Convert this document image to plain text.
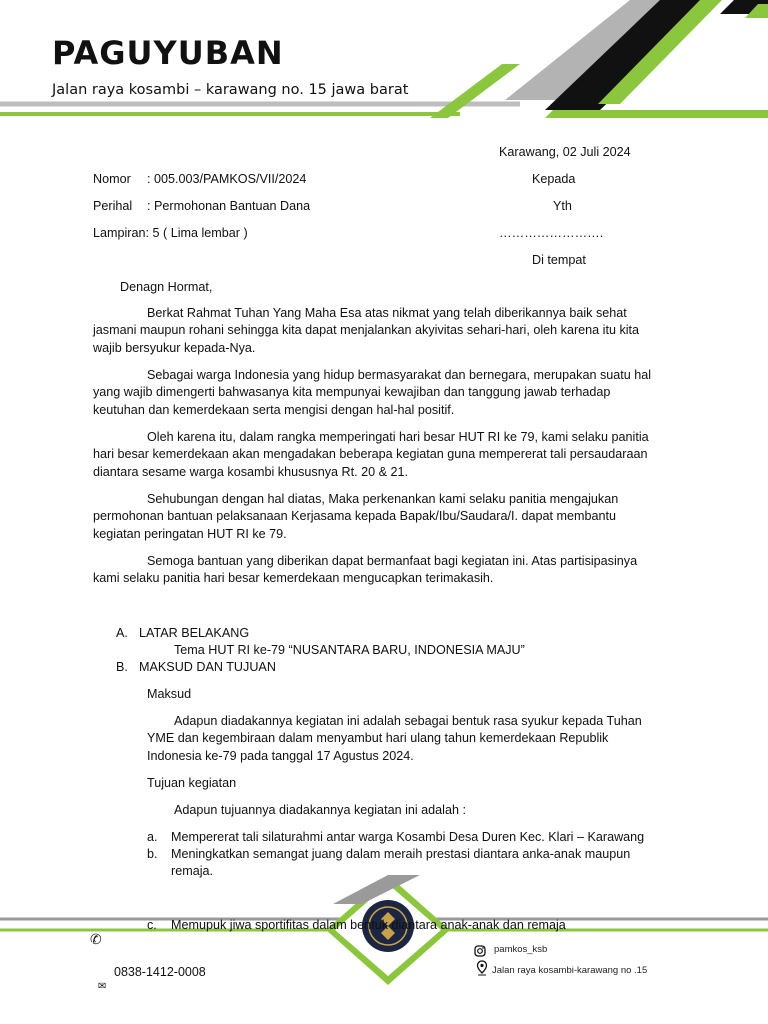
PAGUYUBAN
Jalan raya kosambi – karawang no. 15 jawa barat
Karawang, 02 Juli 2024
Nomor : 005.003/PAMKOS/VII/2024
Perihal : Permohonan Bantuan Dana
Lampiran: 5 ( Lima lembar )
Kepada
Yth
…………………….
Di tempat
Denagn Hormat,

Berkat Rahmat Tuhan Yang Maha Esa atas nikmat yang telah diberikannya baik sehat jasmani maupun rohani sehingga kita dapat menjalankan akyivitas sehari-hari, oleh karena itu kita wajib bersyukur kepada-Nya.

Sebagai warga Indonesia yang hidup bermasyarakat dan bernegara, merupakan suatu hal yang wajib dimengerti bahwasanya kita mempunyai kewajiban dan tanggung jawab terhadap keutuhan dan kemerdekaan serta mengisi dengan hal-hal positif.

Oleh karena itu, dalam rangka memperingati hari besar HUT RI ke 79, kami selaku panitia hari besar kemerdekaan akan mengadakan beberapa kegiatan guna mempererat tali persaudaraan diantara sesame warga kosambi khususnya Rt. 20 & 21.

Sehubungan dengan hal diatas, Maka perkenankan kami selaku panitia mengajukan permohonan bantuan pelaksanaan Kerjasama kepada Bapak/Ibu/Saudara/I. dapat membantu kegiatan peringatan HUT RI ke 79.

Semoga bantuan yang diberikan dapat bermanfaat bagi kegiatan ini. Atas partisipasinya kami selaku panitia hari besar kemerdekaan mengucapkan terimakasih.

A. LATAR BELAKANG
Tema HUT RI ke-79 “NUSANTARA BARU, INDONESIA MAJU”
B. MAKSUD DAN TUJUAN
Maksud

Adapun diadakannya kegiatan ini adalah sebagai bentuk rasa syukur kepada Tuhan YME dan kegembiraan dalam menyambut hari ulang tahun kemerdekaan Republik Indonesia ke-79 pada tanggal 17 Agustus 2024.

Tujuan kegiatan
Adapun tujuannya diadakannya kegiatan ini adalah :
a. Mempererat tali silaturahmi antar warga Kosambi Desa Duren Kec. Klari – Karawang
b. Meningkatkan semangat juang dalam meraih prestasi diantara anka-anak maupun remaja.
c. Memupuk jiwa sportifitas dalam bentuk diantara anak-anak dan remaja
✆
0838-1412-0008
✉
pamkos_ksb
Jalan raya kosambi-karawang no .15
